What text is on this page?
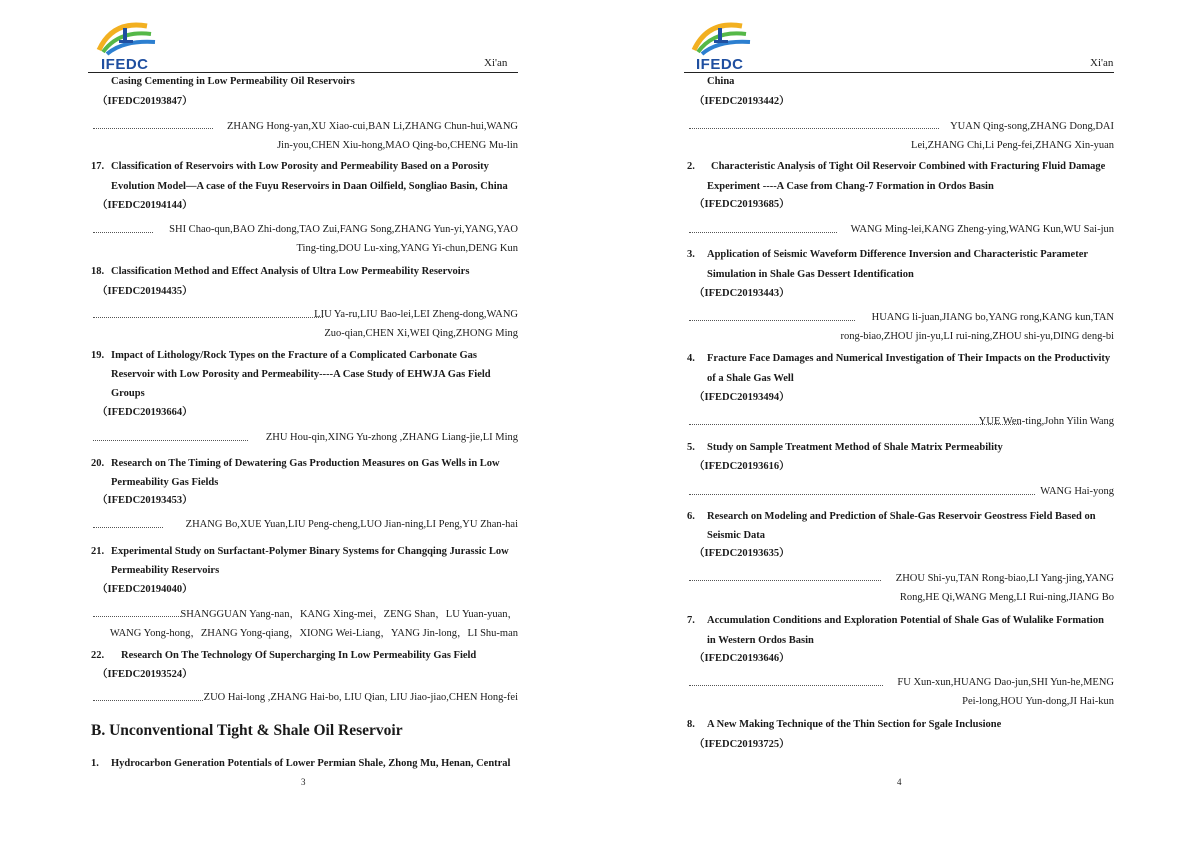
IFEDC	Xi'an
Casing Cementing in Low Permeability Oil Reservoirs
（IFEDC20193847）
ZHANG Hong-yan,XU Xiao-cui,BAN Li,ZHANG Chun-hui,WANG
Jin-you,CHEN Xiu-hong,MAO Qing-bo,CHENG Mu-lin
17. Classification of Reservoirs with Low Porosity and Permeability Based on a Porosity
Evolution Model—A case of the Fuyu Reservoirs in Daan Oilfield, Songliao Basin, China
（IFEDC20194144）
SHI Chao-qun,BAO Zhi-dong,TAO Zui,FANG Song,ZHANG Yun-yi,YANG,YAO
Ting-ting,DOU Lu-xing,YANG Yi-chun,DENG Kun
18. Classification Method and Effect Analysis of Ultra Low Permeability Reservoirs
（IFEDC20194435）
LIU Ya-ru,LIU Bao-lei,LEI Zheng-dong,WANG
Zuo-qian,CHEN Xi,WEI Qing,ZHONG Ming
19. Impact of Lithology/Rock Types on the Fracture of a Complicated Carbonate Gas
Reservoir with Low Porosity and Permeability----A Case Study of EHWJA Gas Field
Groups
（IFEDC20193664）
ZHU Hou-qin,XING Yu-zhong ,ZHANG Liang-jie,LI Ming
20. Research on The Timing of Dewatering Gas Production Measures on Gas Wells in Low
Permeability Gas Fields
（IFEDC20193453）
ZHANG Bo,XUE Yuan,LIU Peng-cheng,LUO Jian-ning,LI Peng,YU Zhan-hai
21. Experimental Study on Surfactant-Polymer Binary Systems for Changqing Jurassic Low
Permeability Reservoirs
（IFEDC20194040）
SHANGGUAN Yang-nan，KANG Xing-mei，ZENG Shan，LU Yuan-yuan，
WANG Yong-hong，ZHANG Yong-qiang，XIONG Wei-Liang，YANG Jin-long，LI Shu-man
22. Research On The Technology Of Supercharging In Low Permeability Gas Field
（IFEDC20193524）
ZUO Hai-long ,ZHANG Hai-bo, LIU Qian, LIU Jiao-jiao,CHEN Hong-fei
B. Unconventional Tight & Shale Oil Reservoir
1. Hydrocarbon Generation Potentials of Lower Permian Shale, Zhong Mu, Henan, Central
3
IFEDC	Xi'an
China
（IFEDC20193442）
YUAN Qing-song,ZHANG Dong,DAI
Lei,ZHANG Chi,Li Peng-fei,ZHANG Xin-yuan
2. Characteristic Analysis of Tight Oil Reservoir Combined with Fracturing Fluid Damage
Experiment ----A Case from Chang-7 Formation in Ordos Basin
（IFEDC20193685）
WANG Ming-lei,KANG Zheng-ying,WANG Kun,WU Sai-jun
3. Application of Seismic Waveform Difference Inversion and Characteristic Parameter
Simulation in Shale Gas Dessert Identification
（IFEDC20193443）
HUANG li-juan,JIANG bo,YANG rong,KANG kun,TAN
rong-biao,ZHOU jin-yu,LI rui-ning,ZHOU shi-yu,DING deng-bi
4. Fracture Face Damages and Numerical Investigation of Their Impacts on the Productivity
of a Shale Gas Well
（IFEDC20193494）
YUE Wen-ting,John Yilin Wang
5. Study on Sample Treatment Method of Shale Matrix Permeability
（IFEDC20193616）
WANG Hai-yong
6. Research on Modeling and Prediction of Shale-Gas Reservoir Geostress Field Based on
Seismic Data
（IFEDC20193635）
ZHOU Shi-yu,TAN Rong-biao,LI Yang-jing,YANG
Rong,HE Qi,WANG Meng,LI Rui-ning,JIANG Bo
7. Accumulation Conditions and Exploration Potential of Shale Gas of Wulalike Formation
in Western Ordos Basin
（IFEDC20193646）
FU Xun-xun,HUANG Dao-jun,SHI Yun-he,MENG
Pei-long,HOU Yun-dong,JI Hai-kun
8. A New Making Technique of the Thin Section for Sgale Inclusione
（IFEDC20193725）
4
